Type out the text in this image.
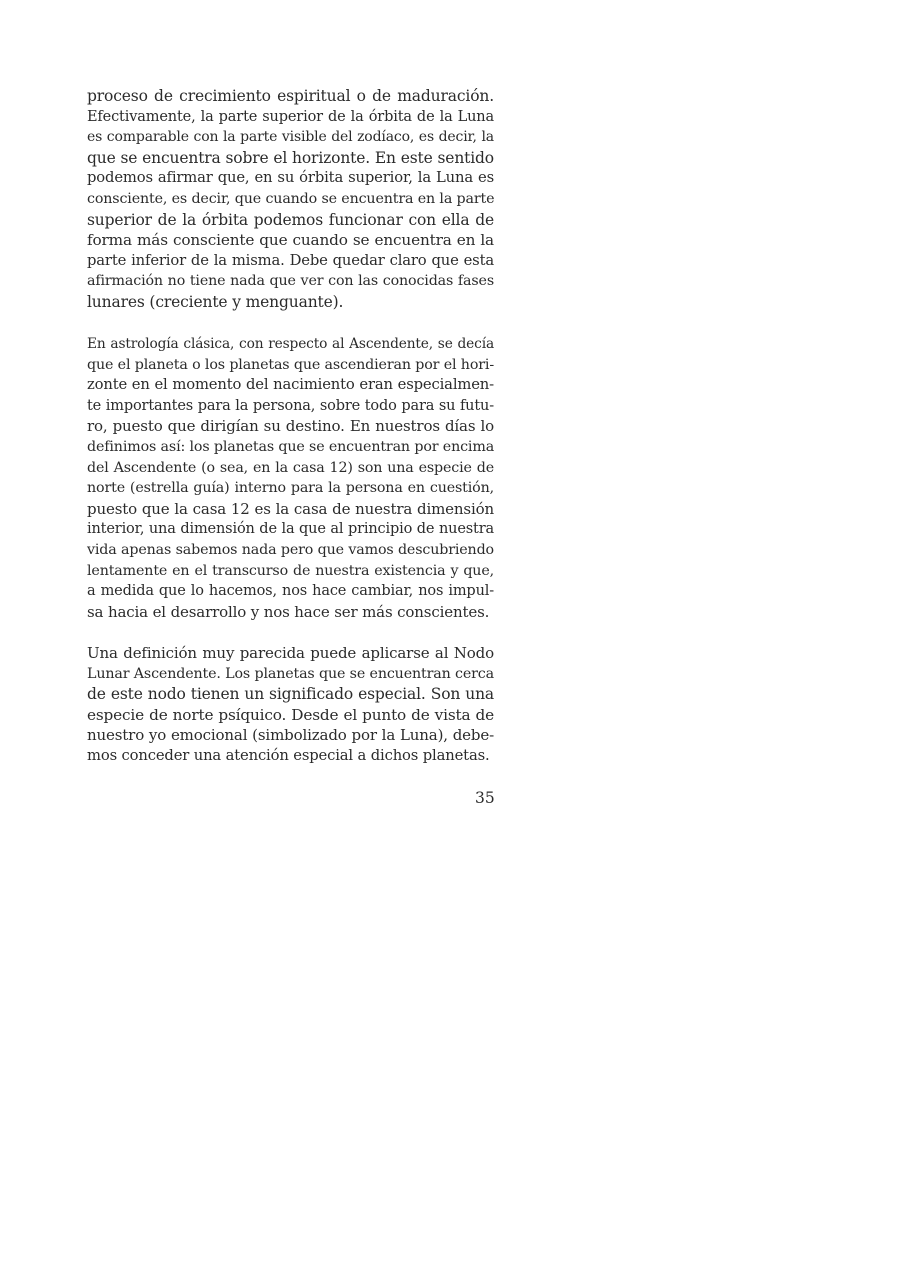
proceso de crecimiento espiritual o de maduración.
Efectivamente, la parte superior de la órbita de la Luna
es comparable con la parte visible del zodíaco, es decir, la
que se encuentra sobre el horizonte. En este sentido
podemos afirmar que, en su órbita superior, la Luna es
consciente, es decir, que cuando se encuentra en la parte
superior de la órbita podemos funcionar con ella de
forma más consciente que cuando se encuentra en la
parte inferior de la misma. Debe quedar claro que esta
afirmación no tiene nada que ver con las conocidas fases
lunares (creciente y menguante).

En astrología clásica, con respecto al Ascendente, se decía
que el planeta o los planetas que ascendieran por el hori-
zonte en el momento del nacimiento eran especialmen-
te importantes para la persona, sobre todo para su futu-
ro, puesto que dirigían su destino. En nuestros días lo
definimos así: los planetas que se encuentran por encima
del Ascendente (o sea, en la casa 12) son una especie de
norte (estrella guía) interno para la persona en cuestión,
puesto que la casa 12 es la casa de nuestra dimensión
interior, una dimensión de la que al principio de nuestra
vida apenas sabemos nada pero que vamos descubriendo
lentamente en el transcurso de nuestra existencia y que,
a medida que lo hacemos, nos hace cambiar, nos impul-
sa hacia el desarrollo y nos hace ser más conscientes.

Una definición muy parecida puede aplicarse al Nodo
Lunar Ascendente. Los planetas que se encuentran cerca
de este nodo tienen un significado especial. Son una
especie de norte psíquico. Desde el punto de vista de
nuestro yo emocional (simbolizado por la Luna), debe-
mos conceder una atención especial a dichos planetas.

35
